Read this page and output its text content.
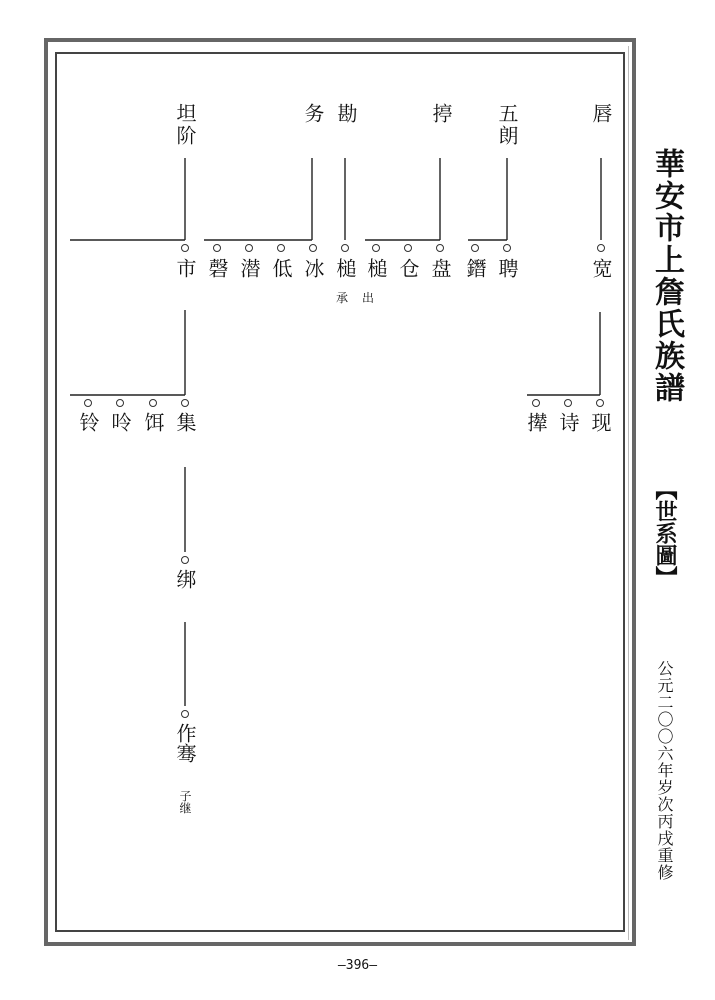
唇
五朗
揨
勘
务
坦阶
宽
聘
鐕
盘
仓
槌
槌
冰
低
潜
磬
市
承出
现
诗
撵
集
饵
呤
铃
绑
作骞
子继
華安市上詹氏族譜
【世系圖】
公元二〇〇六年岁次丙戌重修
—396—
